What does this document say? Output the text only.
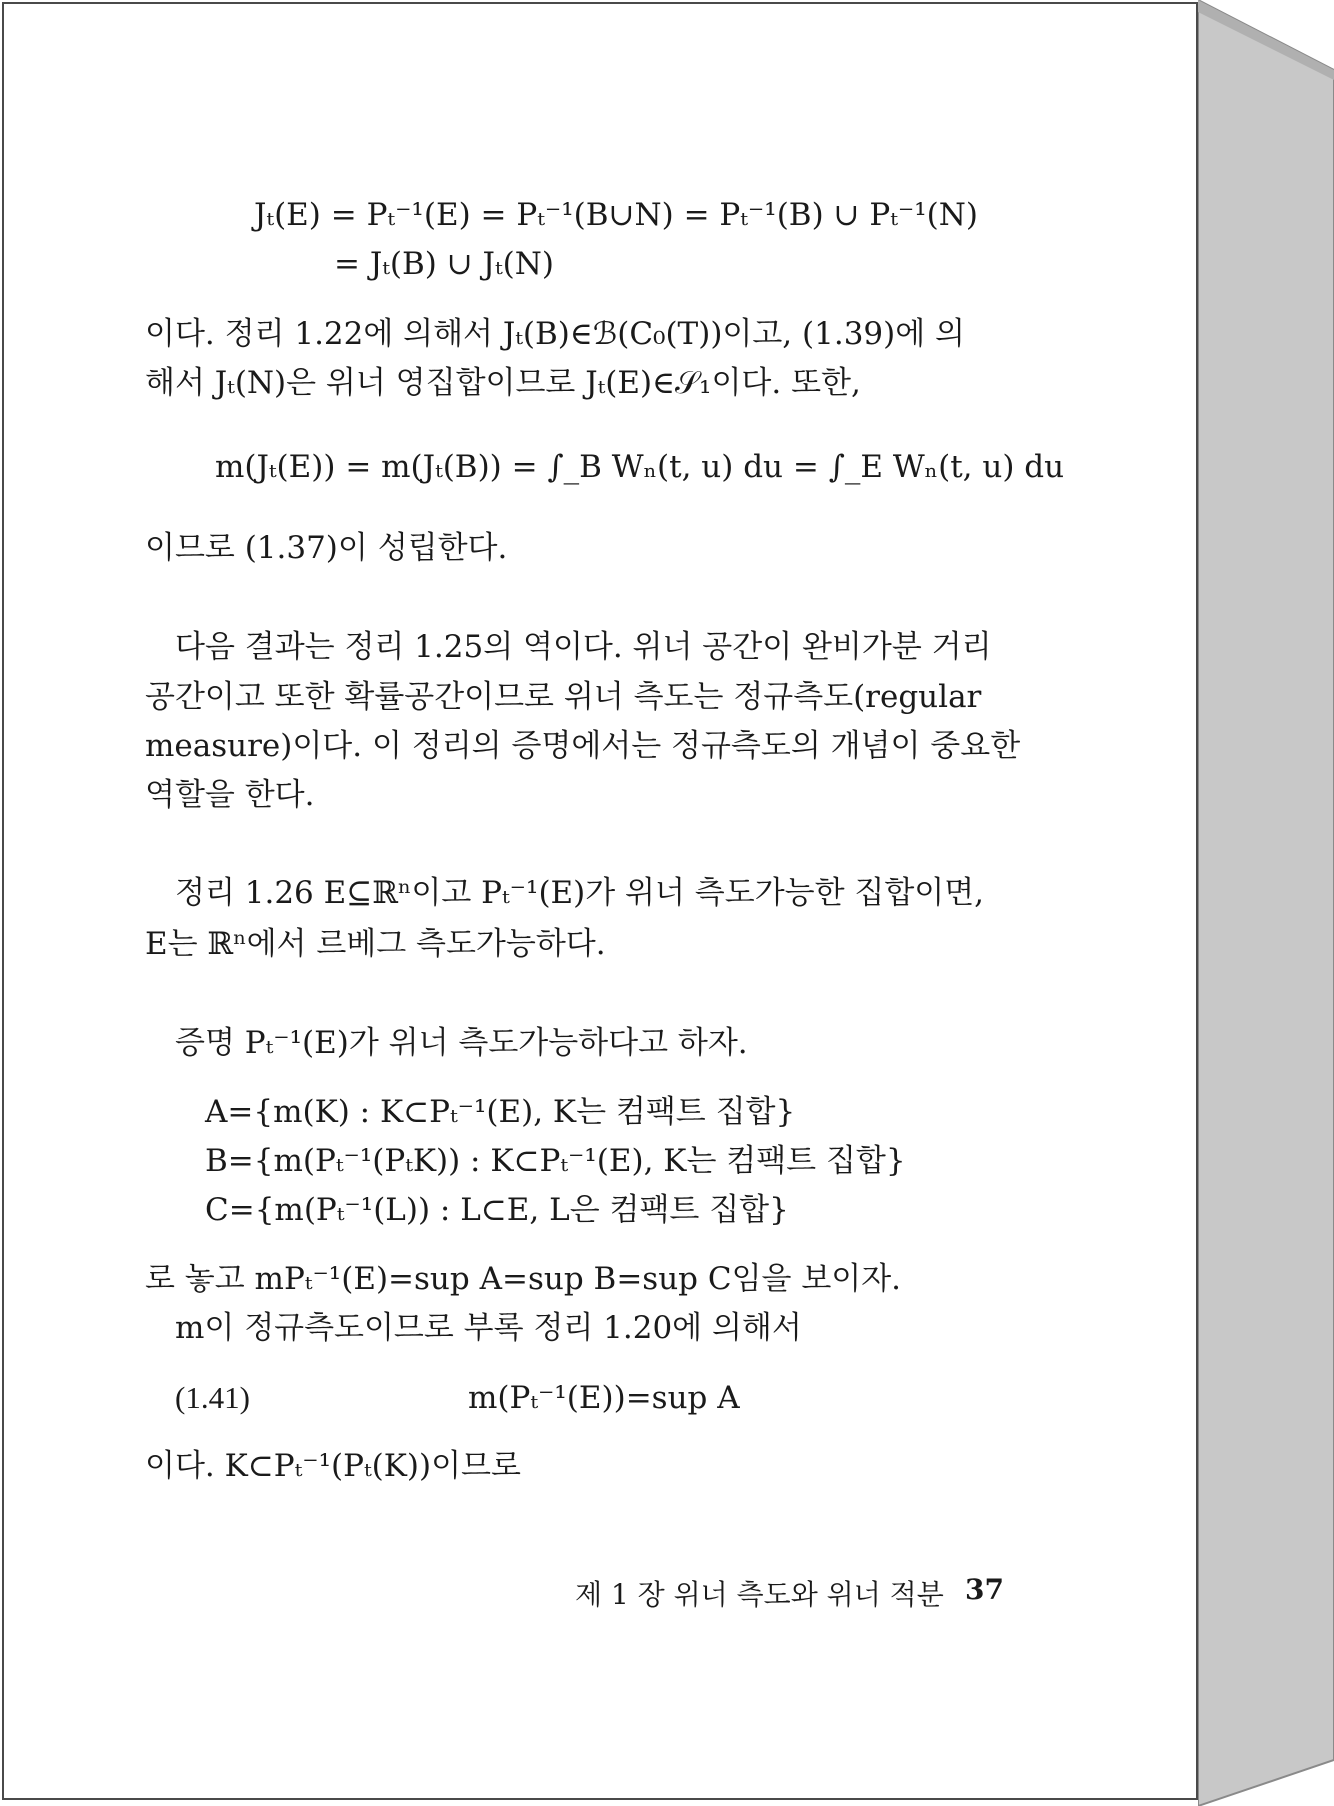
Jₜ(E) = Pₜ⁻¹(E) = Pₜ⁻¹(B∪N) = Pₜ⁻¹(B) ∪ Pₜ⁻¹(N)
= Jₜ(B) ∪ Jₜ(N)
이다. 정리 1.22에 의해서 Jₜ(B)∈ℬ(C₀(T))이고, (1.39)에 의
해서 Jₜ(N)은 위너 영집합이므로 Jₜ(E)∈𝒮₁이다. 또한,
m(Jₜ(E)) = m(Jₜ(B)) = ∫_B Wₙ(t, u) du = ∫_E Wₙ(t, u) du
이므로 (1.37)이 성립한다.
다음 결과는 정리 1.25의 역이다. 위너 공간이 완비가분 거리
공간이고 또한 확률공간이므로 위너 측도는 정규측도(regular
measure)이다. 이 정리의 증명에서는 정규측도의 개념이 중요한
역할을 한다.
정리 1.26 E⊆ℝⁿ이고 Pₜ⁻¹(E)가 위너 측도가능한 집합이면,
E는 ℝⁿ에서 르베그 측도가능하다.
증명 Pₜ⁻¹(E)가 위너 측도가능하다고 하자.
A={m(K) : K⊂Pₜ⁻¹(E), K는 컴팩트 집합}
B={m(Pₜ⁻¹(PₜK)) : K⊂Pₜ⁻¹(E), K는 컴팩트 집합}
C={m(Pₜ⁻¹(L)) : L⊂E, L은 컴팩트 집합}
로 놓고 mPₜ⁻¹(E)=sup A=sup B=sup C임을 보이자.
m이 정규측도이므로 부록 정리 1.20에 의해서
(1.41)	m(Pₜ⁻¹(E))=sup A
이다. K⊂Pₜ⁻¹(Pₜ(K))이므로
제 1 장 위너 측도와 위너 적분 37
